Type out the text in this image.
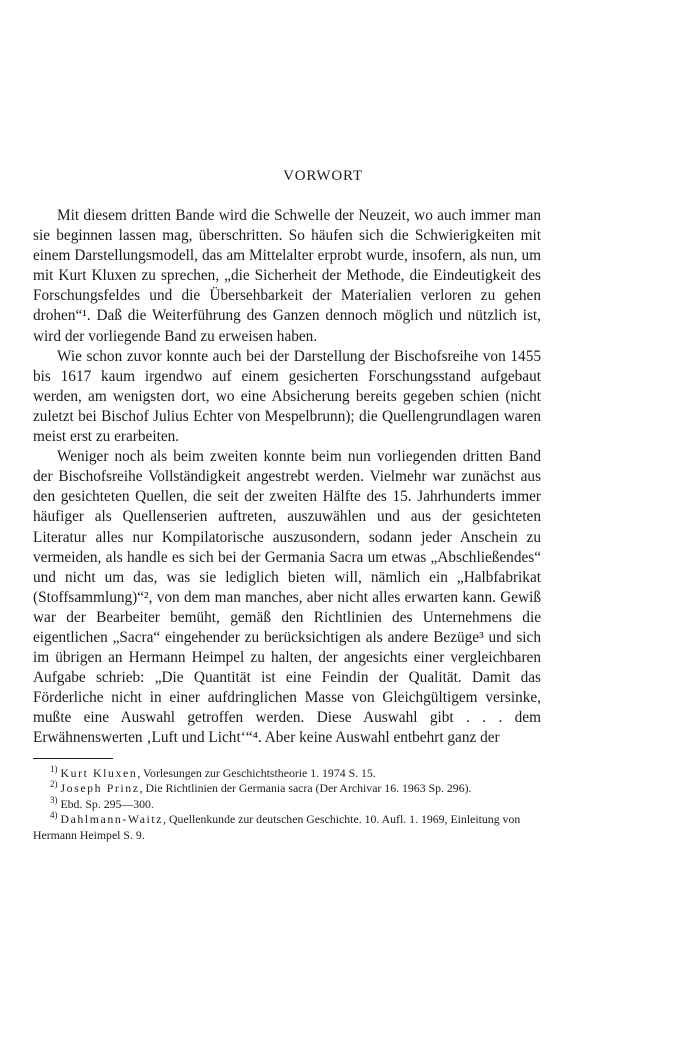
VORWORT

Mit diesem dritten Bande wird die Schwelle der Neuzeit, wo auch immer man sie beginnen lassen mag, überschritten. So häufen sich die Schwierigkeiten mit einem Darstellungsmodell, das am Mittelalter erprobt wurde, insofern, als nun, um mit Kurt Kluxen zu sprechen, „die Sicherheit der Methode, die Eindeutigkeit des Forschungsfeldes und die Übersehbarkeit der Materialien verloren zu gehen drohen“¹. Daß die Weiterführung des Ganzen dennoch möglich und nützlich ist, wird der vorliegende Band zu erweisen haben.

Wie schon zuvor konnte auch bei der Darstellung der Bischofsreihe von 1455 bis 1617 kaum irgendwo auf einem gesicherten Forschungsstand aufgebaut werden, am wenigsten dort, wo eine Absicherung bereits gegeben schien (nicht zuletzt bei Bischof Julius Echter von Mespelbrunn); die Quellengrundlagen waren meist erst zu erarbeiten.

Weniger noch als beim zweiten konnte beim nun vorliegenden dritten Band der Bischofsreihe Vollständigkeit angestrebt werden. Vielmehr war zunächst aus den gesichteten Quellen, die seit der zweiten Hälfte des 15. Jahrhunderts immer häufiger als Quellenserien auftreten, auszuwählen und aus der gesichteten Literatur alles nur Kompilatorische auszusondern, sodann jeder Anschein zu vermeiden, als handle es sich bei der Germania Sacra um etwas „Abschließendes“ und nicht um das, was sie lediglich bieten will, nämlich ein „Halbfabrikat (Stoffsammlung)“², von dem man manches, aber nicht alles erwarten kann. Gewiß war der Bearbeiter bemüht, gemäß den Richtlinien des Unternehmens die eigentlichen „Sacra“ eingehender zu berücksichtigen als andere Bezüge³ und sich im übrigen an Hermann Heimpel zu halten, der angesichts einer vergleichbaren Aufgabe schrieb: „Die Quantität ist eine Feindin der Qualität. Damit das Förderliche nicht in einer aufdringlichen Masse von Gleichgültigem versinke, mußte eine Auswahl getroffen werden. Diese Auswahl gibt . . . dem Erwähnenswerten ‚Luft und Licht‘“⁴. Aber keine Auswahl entbehrt ganz der

$^{1)}$ Kurt Kluxen, Vorlesungen zur Geschichtstheorie 1. 1974 S. 15.

$^{2)}$ Joseph Prinz, Die Richtlinien der Germania sacra (Der Archivar 16. 1963 Sp. 296).

$^{3)}$ Ebd. Sp. 295—300.

$^{4)}$ Dahlmann-Waitz, Quellenkunde zur deutschen Geschichte. 10. Aufl. 1. 1969, Einleitung von Hermann Heimpel S. 9.
